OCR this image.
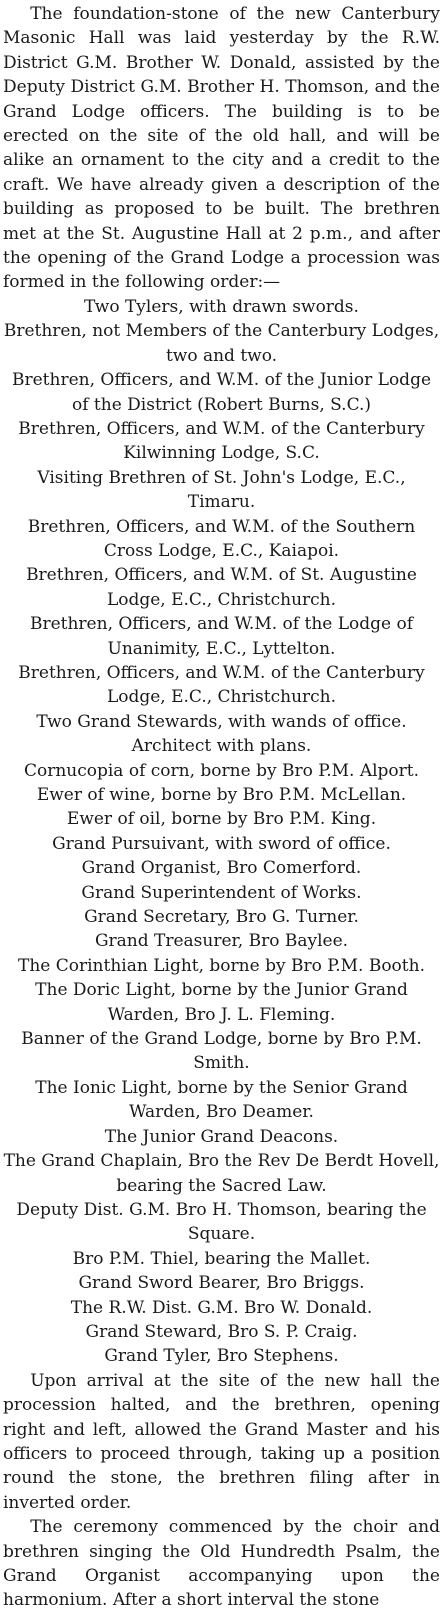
The foundation-stone of the new Canterbury Masonic Hall was laid yesterday by the R.W. District G.M. Brother W. Donald, assisted by the Deputy District G.M. Brother H. Thomson, and the Grand Lodge officers. The building is to be erected on the site of the old hall, and will be alike an ornament to the city and a credit to the craft. We have already given a description of the building as proposed to be built. The brethren met at the St. Augustine Hall at 2 p.m., and after the opening of the Grand Lodge a procession was formed in the following order:—

Two Tylers, with drawn swords.

Brethren, not Members of the Canterbury Lodges, two and two.

Brethren, Officers, and W.M. of the Junior Lodge of the District (Robert Burns, S.C.)

Brethren, Officers, and W.M. of the Canterbury Kilwinning Lodge, S.C.

Visiting Brethren of St. John's Lodge, E.C., Timaru.

Brethren, Officers, and W.M. of the Southern Cross Lodge, E.C., Kaiapoi.

Brethren, Officers, and W.M. of St. Augustine Lodge, E.C., Christchurch.

Brethren, Officers, and W.M. of the Lodge of Unanimity, E.C., Lyttelton.

Brethren, Officers, and W.M. of the Canterbury Lodge, E.C., Christchurch.

Two Grand Stewards, with wands of office.

Architect with plans.

Cornucopia of corn, borne by Bro P.M. Alport.

Ewer of wine, borne by Bro P.M. McLellan.

Ewer of oil, borne by Bro P.M. King.

Grand Pursuivant, with sword of office.

Grand Organist, Bro Comerford.

Grand Superintendent of Works.

Grand Secretary, Bro G. Turner.

Grand Treasurer, Bro Baylee.

The Corinthian Light, borne by Bro P.M. Booth.

The Doric Light, borne by the Junior Grand Warden, Bro J. L. Fleming.

Banner of the Grand Lodge, borne by Bro P.M. Smith.

The Ionic Light, borne by the Senior Grand Warden, Bro Deamer.

The Junior Grand Deacons.

The Grand Chaplain, Bro the Rev De Berdt Hovell, bearing the Sacred Law.

Deputy Dist. G.M. Bro H. Thomson, bearing the Square.

Bro P.M. Thiel, bearing the Mallet.

Grand Sword Bearer, Bro Briggs.

The R.W. Dist. G.M. Bro W. Donald.

Grand Steward, Bro S. P. Craig.

Grand Tyler, Bro Stephens.

Upon arrival at the site of the new hall the procession halted, and the brethren, opening right and left, allowed the Grand Master and his officers to proceed through, taking up a position round the stone, the brethren filing after in inverted order.

The ceremony commenced by the choir and brethren singing the Old Hundredth Psalm, the Grand Organist accompanying upon the harmonium. After a short interval the stone
